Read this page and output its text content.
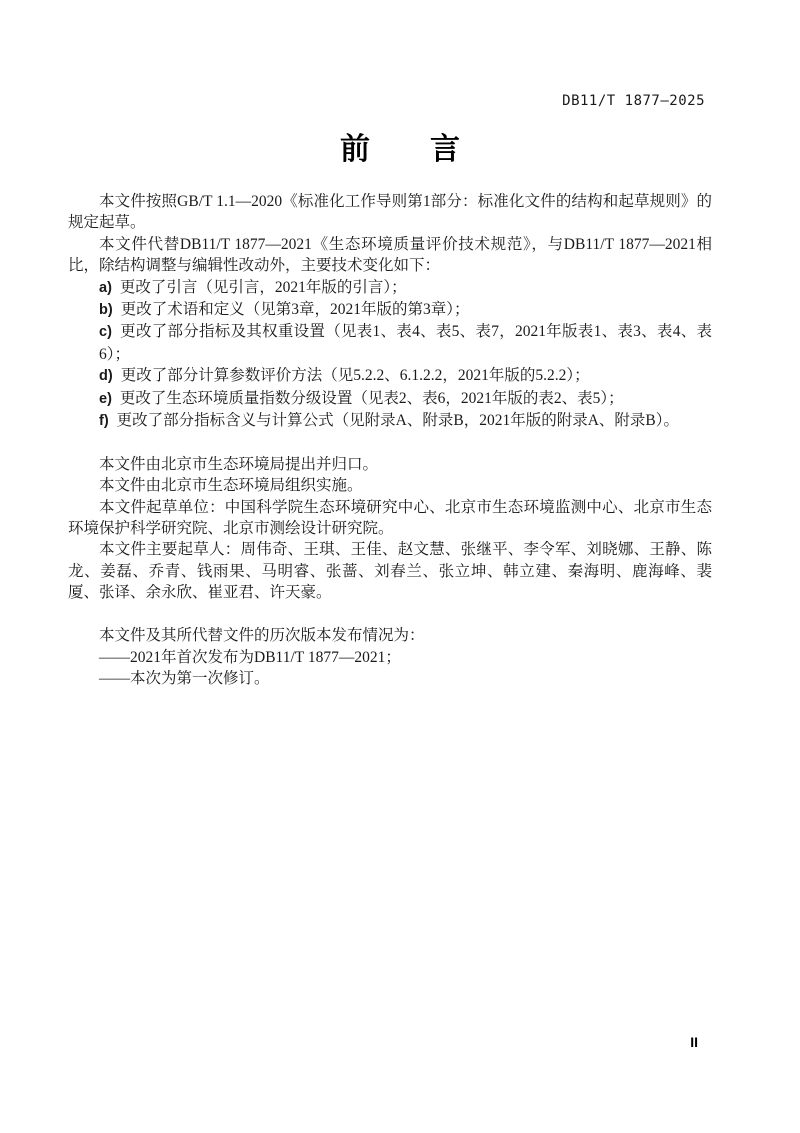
DB11/T 1877—2025
前　　言

本文件按照GB/T 1.1—2020《标准化工作导则第1部分：标准化文件的结构和起草规则》的规定起草。

本文件代替DB11/T 1877—2021《生态环境质量评价技术规范》，与DB11/T 1877—2021相比，除结构调整与编辑性改动外，主要技术变化如下：

a) 更改了引言（见引言，2021年版的引言）；
b) 更改了术语和定义（见第3章，2021年版的第3章）；
c) 更改了部分指标及其权重设置（见表1、表4、表5、表7，2021年版表1、表3、表4、表6）；
d) 更改了部分计算参数评价方法（见5.2.2、6.1.2.2，2021年版的5.2.2）；
e) 更改了生态环境质量指数分级设置（见表2、表6，2021年版的表2、表5）；
f) 更改了部分指标含义与计算公式（见附录A、附录B，2021年版的附录A、附录B）。

本文件由北京市生态环境局提出并归口。

本文件由北京市生态环境局组织实施。

本文件起草单位：中国科学院生态环境研究中心、北京市生态环境监测中心、北京市生态环境保护科学研究院、北京市测绘设计研究院。

本文件主要起草人：周伟奇、王琪、王佳、赵文慧、张继平、李令军、刘晓娜、王静、陈龙、姜磊、乔青、钱雨果、马明睿、张蔷、刘春兰、张立坤、韩立建、秦海明、鹿海峰、裴厦、张译、余永欣、崔亚君、许天豪。

本文件及其所代替文件的历次版本发布情况为：

——2021年首次发布为DB11/T 1877—2021；

——本次为第一次修订。

II
